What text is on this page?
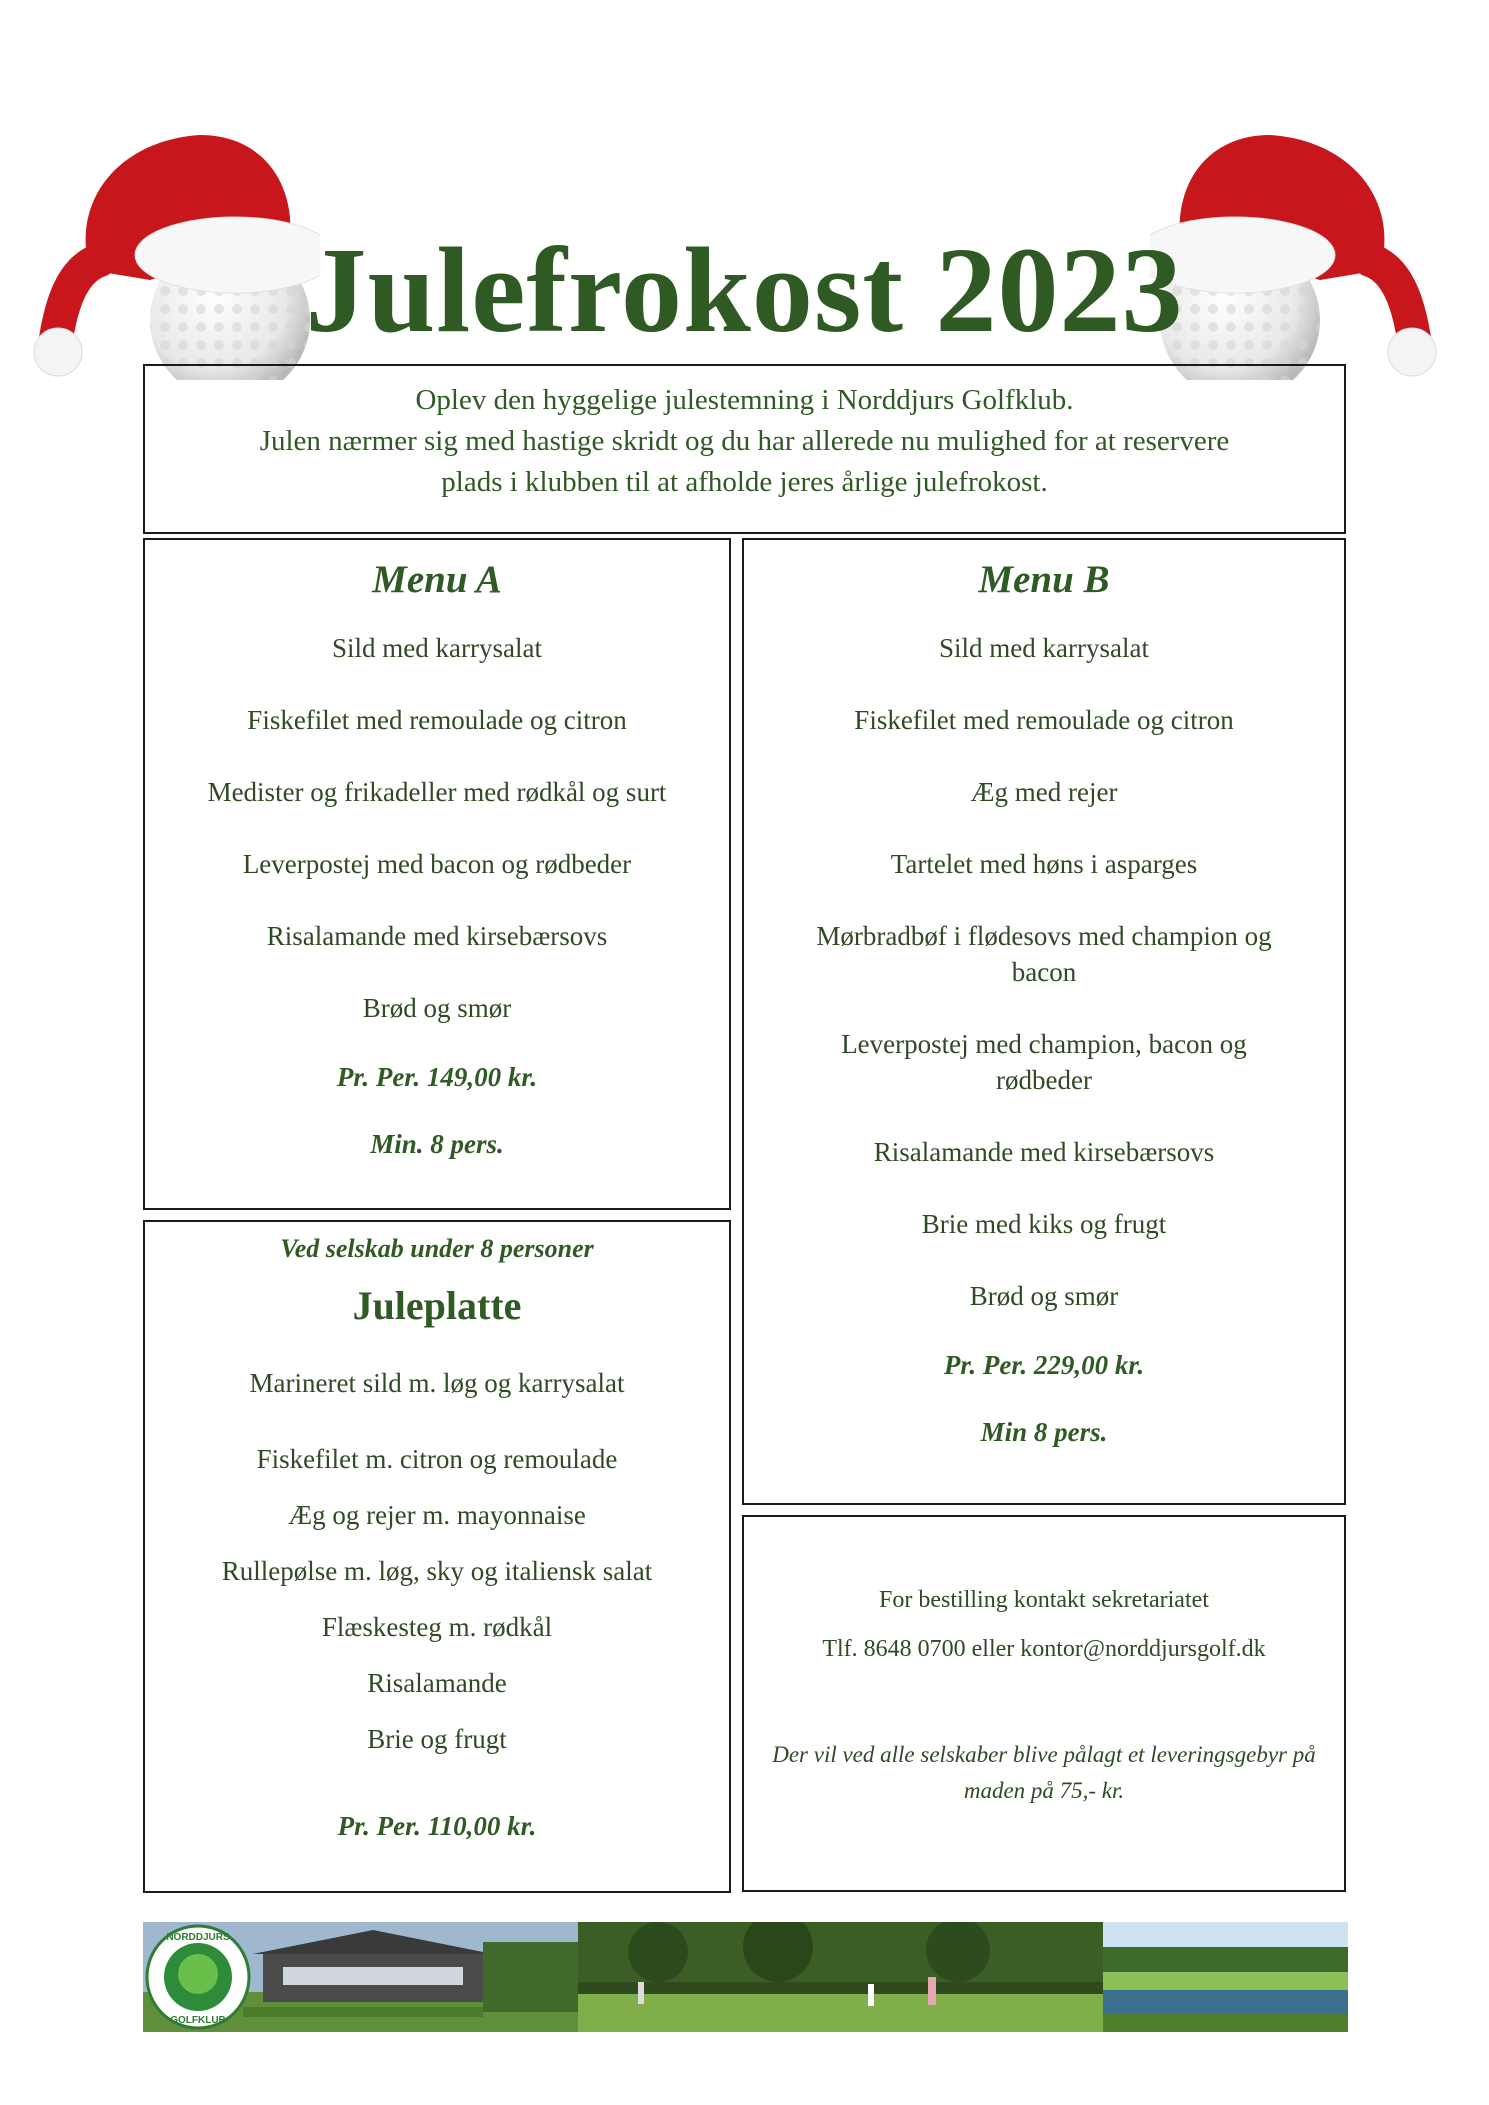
Julefrokost 2023

Oplev den hyggelige julestemning i Norddjurs Golfklub.

Julen nærmer sig med hastige skridt og du har allerede nu mulighed for at reservere

plads i klubben til at afholde jeres årlige julefrokost.

Menu A
Sild med karrysalat
Fiskefilet med remoulade og citron
Medister og frikadeller med rødkål og surt
Leverpostej med bacon og rødbeder
Risalamande med kirsebærsovs
Brød og smør
Pr. Per. 149,00 kr.
Min. 8 pers.
Menu B
Sild med karrysalat
Fiskefilet med remoulade og citron
Æg med rejer
Tartelet med høns i asparges
Mørbradbøf i flødesovs med champion og bacon
Leverpostej med champion, bacon og rødbeder
Risalamande med kirsebærsovs
Brie med kiks og frugt
Brød og smør
Pr. Per. 229,00 kr.
Min 8 pers.
Ved selskab under 8 personer
Juleplatte
Marineret sild m. løg og karrysalat
Fiskefilet m. citron og remoulade
Æg og rejer m. mayonnaise
Rullepølse m. løg, sky og italiensk salat
Flæskesteg m. rødkål
Risalamande
Brie og frugt
Pr. Per. 110,00 kr.
For bestilling kontakt sekretariatet
Tlf. 8648 0700 eller kontor@norddjursgolf.dk
Der vil ved alle selskaber blive pålagt et leveringsgebyr på maden på 75,- kr.
NORDDJURS
GOLFKLUB
